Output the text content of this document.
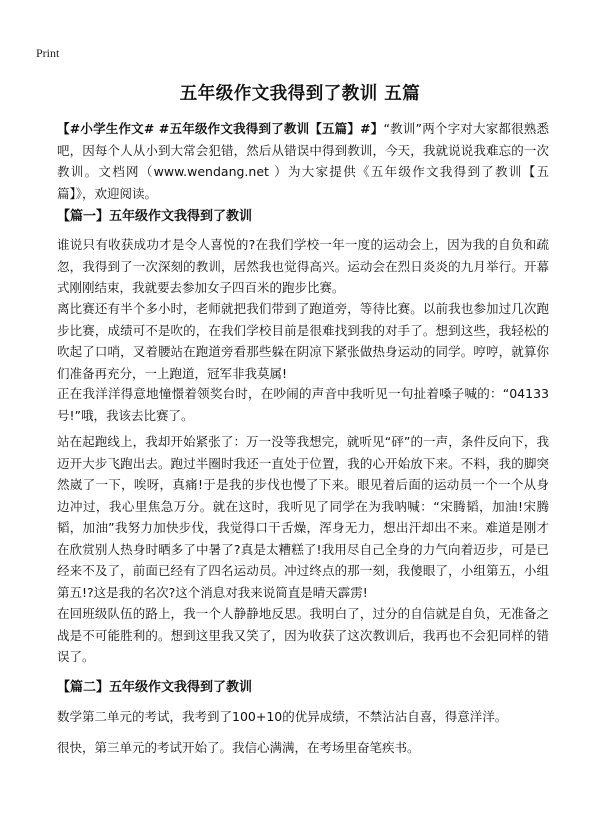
Print
五年级作文我得到了教训 五篇

【#小学生作文# #五年级作文我得到了教训【五篇】#】“教训”两个字对大家都很熟悉吧，因每个人从小到大常会犯错，然后从错误中得到教训，今天，我就说说我难忘的一次教训。文档网（www.wendang.net ）为大家提供《五年级作文我得到了教训【五篇】》，欢迎阅读。

【篇一】五年级作文我得到了教训

谁说只有收获成功才是令人喜悦的?在我们学校一年一度的运动会上，因为我的自负和疏忽，我得到了一次深刻的教训，居然我也觉得高兴。运动会在烈日炎炎的九月举行。开幕式刚刚结束，我就要去参加女子四百米的跑步比赛。

离比赛还有半个多小时，老师就把我们带到了跑道旁，等待比赛。以前我也参加过几次跑步比赛，成绩可不是吹的，在我们学校目前是很难找到我的对手了。想到这些，我轻松的吹起了口哨，叉着腰站在跑道旁看那些躲在阴凉下紧张做热身运动的同学。哼哼，就算你们准备再充分，一上跑道，冠军非我莫属!

正在我洋洋得意地憧憬着领奖台时，在吵闹的声音中我听见一句扯着嗓子喊的：“04133号!”哦，我该去比赛了。

站在起跑线上，我却开始紧张了：万一没等我想完，就听见“砰”的一声，条件反向下，我迈开大步飞跑出去。跑过半圈时我还一直处于位置，我的心开始放下来。不料，我的脚突然崴了一下，唉呀，真痛!于是我的步伐也慢了下来。眼见着后面的运动员一个一个从身边冲过，我心里焦急万分。就在这时，我听见了同学在为我呐喊：“宋腾韬，加油!宋腾韬，加油”我努力加快步伐，我觉得口干舌燥，浑身无力，想出汗却出不来。难道是刚才在欣赏别人热身时晒多了中暑了?真是太糟糕了!我用尽自己全身的力气向着迈步，可是已经来不及了，前面已经有了四名运动员。冲过终点的那一刻，我傻眼了，小组第五，小组第五!?这是我的名次?这个消息对我来说简直是晴天霹雳!

在回班级队伍的路上，我一个人静静地反思。我明白了，过分的自信就是自负，无准备之战是不可能胜利的。想到这里我又笑了，因为收获了这次教训后，我再也不会犯同样的错误了。

【篇二】五年级作文我得到了教训

数学第二单元的考试，我考到了100+10的优异成绩，不禁沾沾自喜，得意洋洋。

很快，第三单元的考试开始了。我信心满满，在考场里奋笔疾书。
